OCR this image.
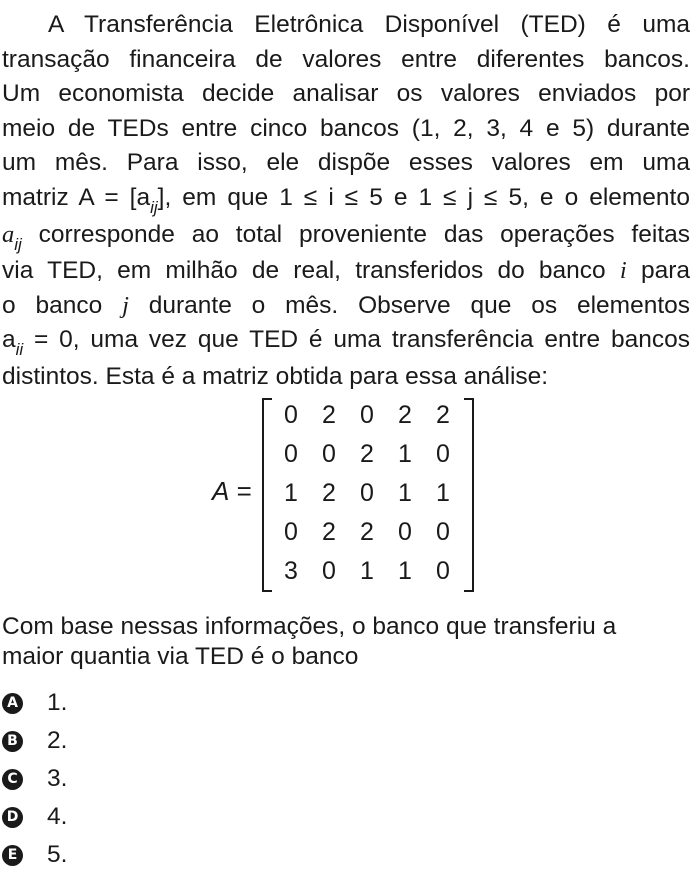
A Transferência Eletrônica Disponível (TED) é uma
transação financeira de valores entre diferentes bancos.
Um economista decide analisar os valores enviados por
meio de TEDs entre cinco bancos (1, 2, 3, 4 e 5) durante
um mês. Para isso, ele dispõe esses valores em uma
matriz $A = [a_{ij}]$, em que 1 ≤ i ≤ 5 e 1 ≤ j ≤ 5, e o elemento
$a_{ij}$ corresponde ao total proveniente das operações feitas
via TED, em milhão de real, transferidos do banco i para
o banco j durante o mês. Observe que os elementos
$a_{ii} = 0$, uma vez que TED é uma transferência entre bancos
distintos. Esta é a matriz obtida para essa análise:
A =
0 2 0 2 2
0 0 2 1 0
1 2 0 1 1
0 2 2 0 0
3 0 1 1 0
Com base nessas informações, o banco que transferiu a
maior quantia via TED é o banco
A 1.
B 2.
C 3.
D 4.
E 5.
